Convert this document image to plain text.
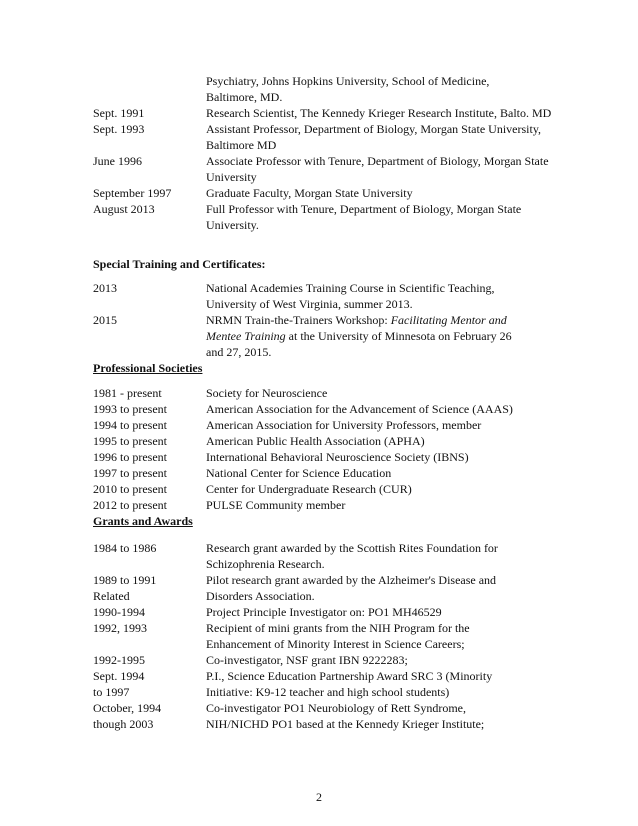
Psychiatry, Johns Hopkins University, School of Medicine,
Baltimore, MD.
Sept. 1991	Research Scientist, The Kennedy Krieger Research Institute, Balto. MD
Sept. 1993	Assistant Professor, Department of Biology, Morgan State University,
Baltimore MD
June 1996	Associate Professor with Tenure, Department of Biology, Morgan State
University
September 1997	Graduate Faculty, Morgan State University
August 2013	Full Professor with Tenure, Department of Biology, Morgan State
University.
Special Training and Certificates:
2013	National Academies Training Course in Scientific Teaching,
University of West Virginia, summer 2013.
2015	NRMN Train-the-Trainers Workshop: Facilitating Mentor and
Mentee Training at the University of Minnesota on February 26
and 27, 2015.
Professional Societies
1981 - present	Society for Neuroscience
1993 to present	American Association for the Advancement of Science (AAAS)
1994 to present	American Association for University Professors, member
1995 to present	American Public Health Association (APHA)
1996 to present	International Behavioral Neuroscience Society (IBNS)
1997 to present	National Center for Science Education
2010 to present	Center for Undergraduate Research (CUR)
2012 to present	PULSE Community member
Grants and Awards
1984 to 1986	Research grant awarded by the Scottish Rites Foundation for
Schizophrenia Research.
1989 to 1991	Pilot research grant awarded by the Alzheimer's Disease and
Related	Disorders Association.
1990-1994	Project Principle Investigator on: PO1 MH46529
1992, 1993	Recipient of mini grants from the NIH Program for the
Enhancement of Minority Interest in Science Careers;
1992-1995	Co-investigator, NSF grant IBN 9222283;
Sept. 1994	P.I., Science Education Partnership Award SRC 3 (Minority
to 1997	Initiative: K9-12 teacher and high school students)
October, 1994	Co-investigator PO1 Neurobiology of Rett Syndrome,
though 2003	NIH/NICHD PO1 based at the Kennedy Krieger Institute;
2
